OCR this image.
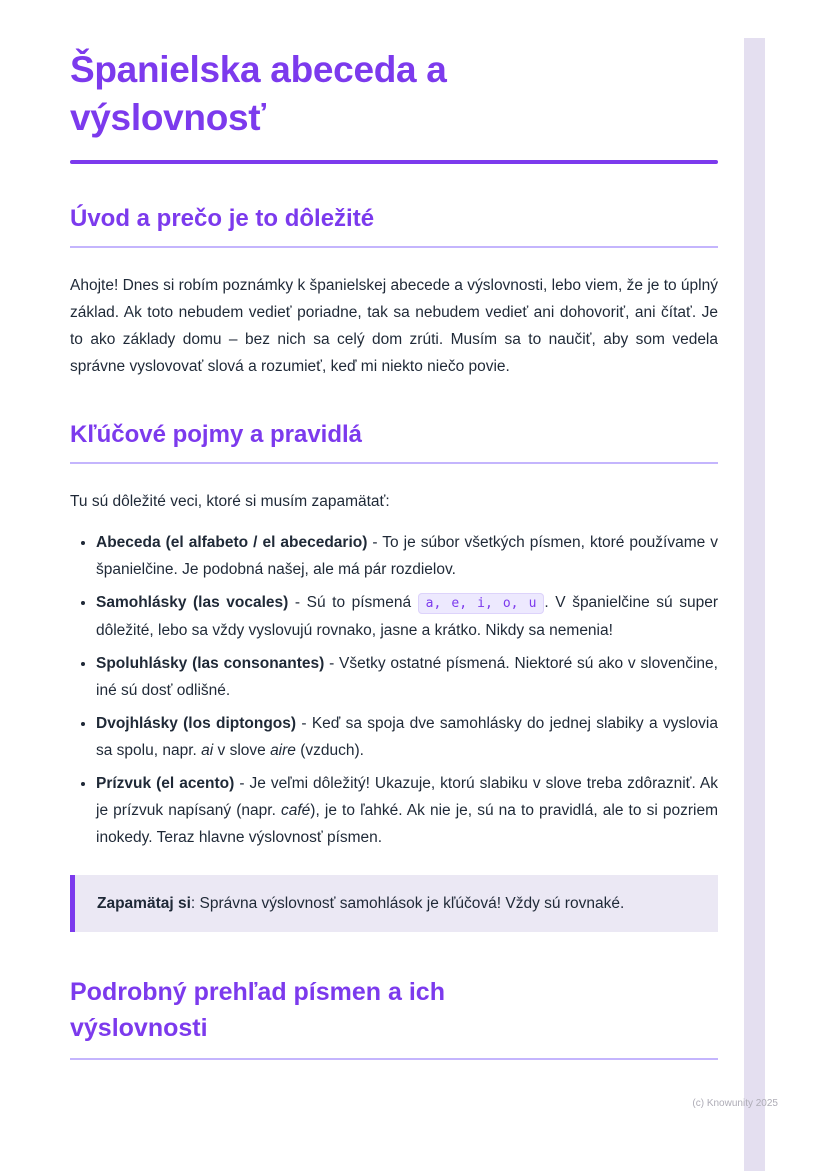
Španielska abeceda a výslovnosť
Úvod a prečo je to dôležité

Ahojte! Dnes si robím poznámky k španielskej abecede a výslovnosti, lebo viem, že je to úplný základ. Ak toto nebudem vedieť poriadne, tak sa nebudem vedieť ani dohovoriť, ani čítať. Je to ako základy domu – bez nich sa celý dom zrúti. Musím sa to naučiť, aby som vedela správne vyslovovať slová a rozumieť, keď mi niekto niečo povie.

Kľúčové pojmy a pravidlá

Tu sú dôležité veci, ktoré si musím zapamätať:

• Abeceda (el alfabeto / el abecedario) - To je súbor všetkých písmen, ktoré používame v španielčine. Je podobná našej, ale má pár rozdielov.
• Samohlásky (las vocales) - Sú to písmená a, e, i, o, u . V španielčine sú super dôležité, lebo sa vždy vyslovujú rovnako, jasne a krátko. Nikdy sa nemenia!
• Spoluhlásky (las consonantes) - Všetky ostatné písmená. Niektoré sú ako v slovenčine, iné sú dosť odlišné.
• Dvojhlásky (los diptongos) - Keď sa spoja dve samohlásky do jednej slabiky a vyslovia sa spolu, napr. ai v slove aire (vzduch).
• Prízvuk (el acento) - Je veľmi dôležitý! Ukazuje, ktorú slabiku v slove treba zdôrazniť. Ak je prízvuk napísaný (napr. café), je to ľahké. Ak nie je, sú na to pravidlá, ale to si pozriem inokedy. Teraz hlavne výslovnosť písmen.

Zapamätaj si: Správna výslovnosť samohlások je kľúčová! Vždy sú rovnaké.

Podrobný prehľad písmen a ich výslovnosti
(c) Knowunity 2025
